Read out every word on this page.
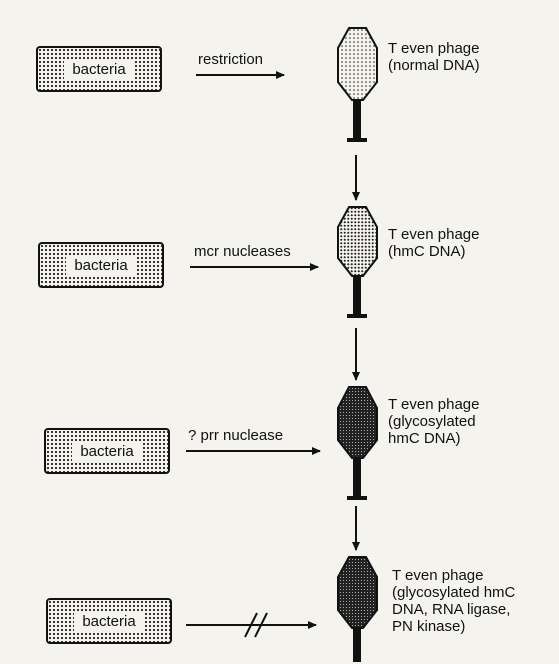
bacteria
bacteria
bacteria
bacteria
restriction
mcr nucleases
? prr nuclease
T even phage
(normal DNA)
T even phage
(hmC DNA)
T even phage
(glycosylated
hmC DNA)
T even phage
(glycosylated hmC
DNA, RNA ligase,
PN kinase)
